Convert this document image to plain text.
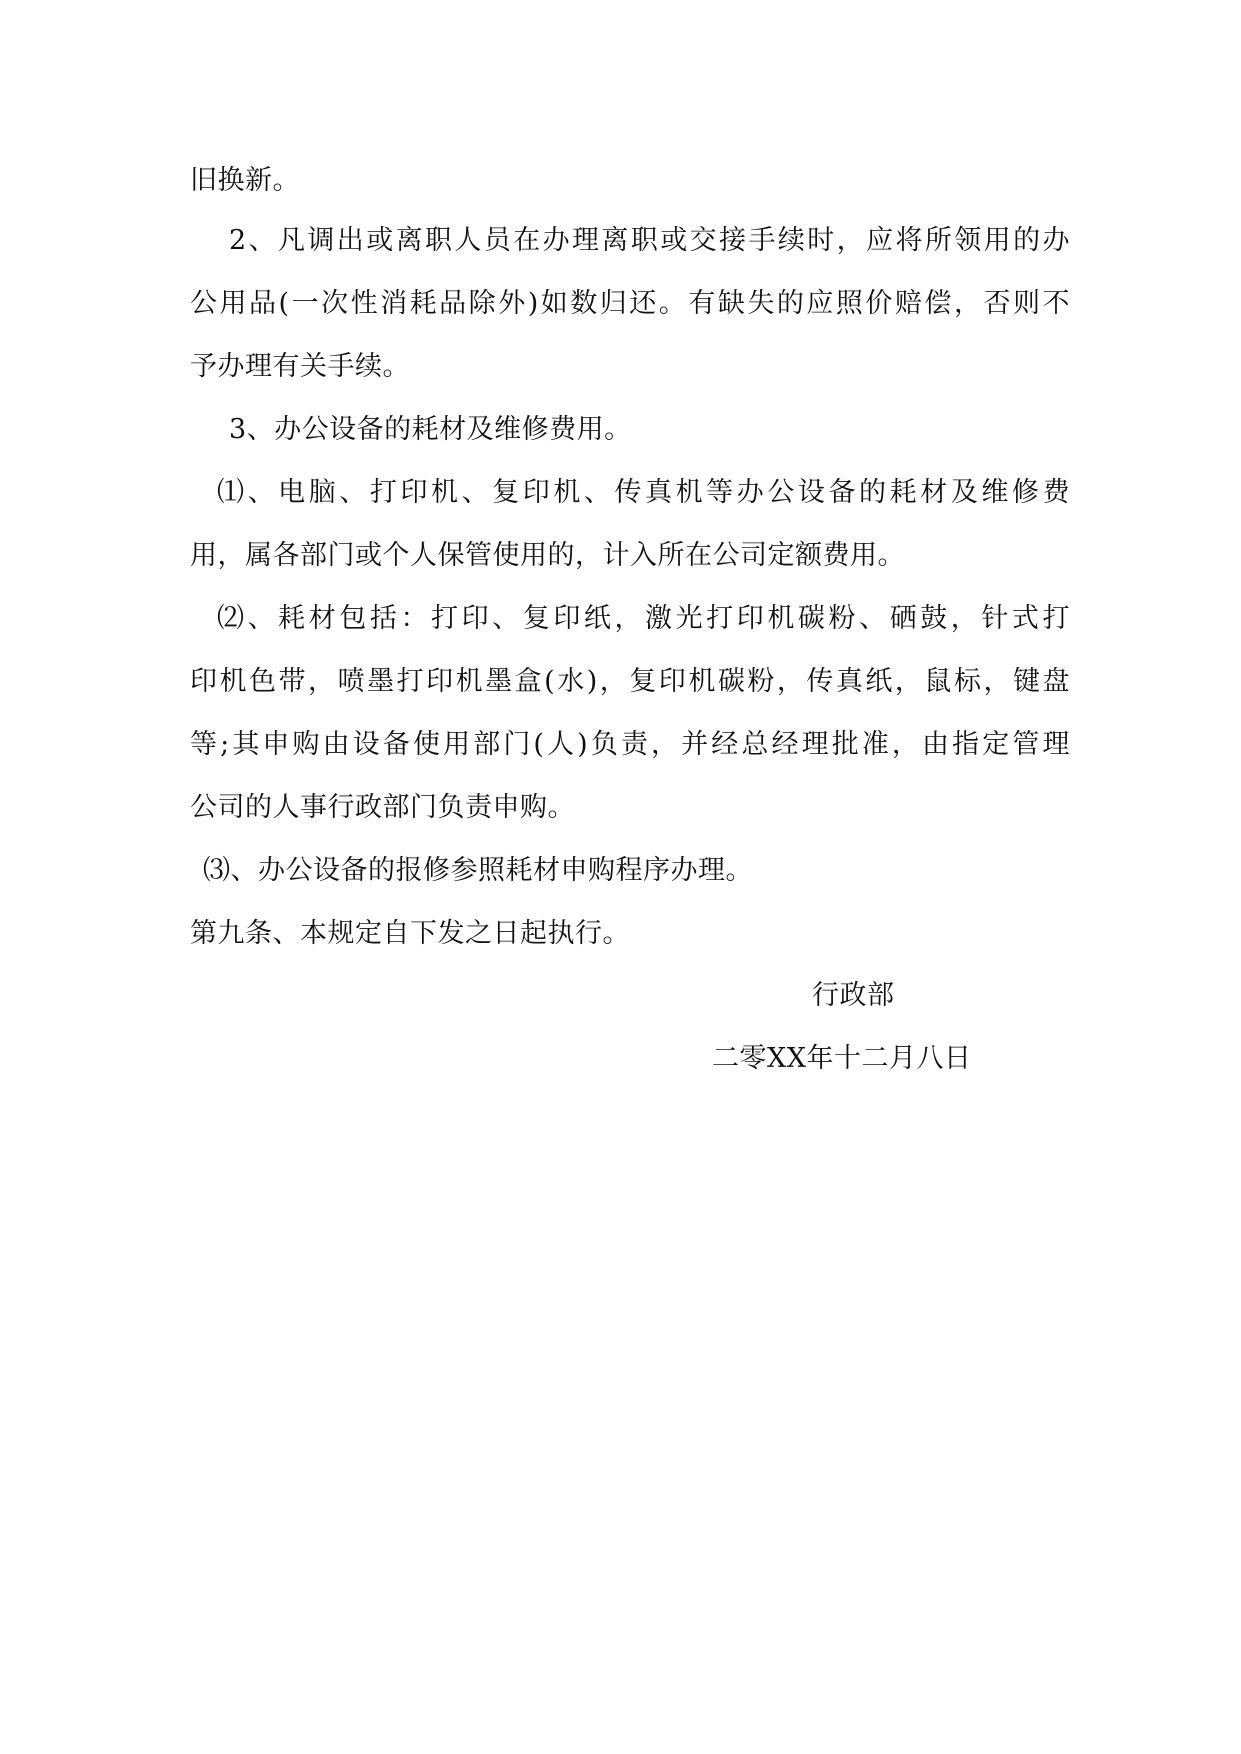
旧换新。
2、凡调出或离职人员在办理离职或交接手续时，应将所领用的办
公用品(一次性消耗品除外)如数归还。有缺失的应照价赔偿，否则不
予办理有关手续。
3、办公设备的耗材及维修费用。
⑴、电脑、打印机、复印机、传真机等办公设备的耗材及维修费
用，属各部门或个人保管使用的，计入所在公司定额费用。
⑵、耗材包括：打印、复印纸，激光打印机碳粉、硒鼓，针式打
印机色带，喷墨打印机墨盒(水)，复印机碳粉，传真纸，鼠标，键盘
等;其申购由设备使用部门(人)负责，并经总经理批准，由指定管理
公司的人事行政部门负责申购。
⑶、办公设备的报修参照耗材申购程序办理。
第九条、本规定自下发之日起执行。
行政部
二零XX年十二月八日
